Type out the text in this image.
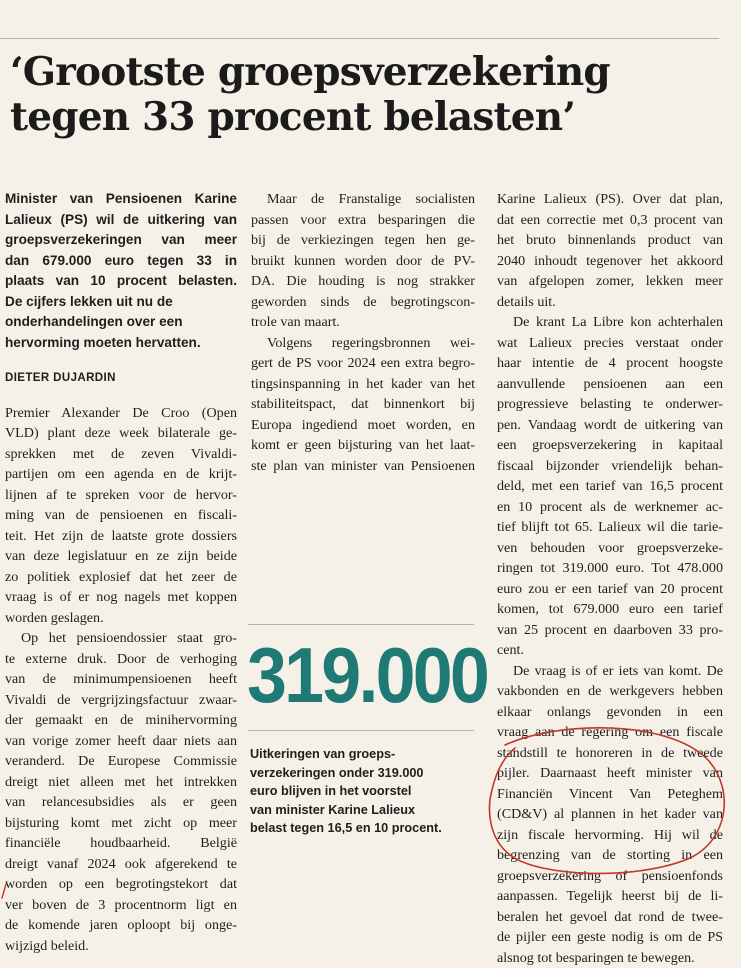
‘Grootste groepsverzekering
tegen 33 procent belasten’
Minister van Pensioenen Karine
Lalieux (PS) wil de uitkering van
groepsverzekeringen van meer
dan 679.000 euro tegen 33 in
plaats van 10 procent belasten.
De cijfers lekken uit nu de
onderhandelingen over een
hervorming moeten hervatten.
DIETER DUJARDIN

Premier Alexander De Croo (Open
VLD) plant deze week bilaterale ge-
sprekken met de zeven Vivaldi-
partijen om een agenda en de krijt-
lijnen af te spreken voor de hervor-
ming van de pensioenen en fiscali-
teit. Het zijn de laatste grote dossiers
van deze legislatuur en ze zijn beide
zo politiek explosief dat het zeer de
vraag is of er nog nagels met koppen
worden geslagen.

Op het pensioendossier staat gro-
te externe druk. Door de verhoging
van de minimumpensioenen heeft
Vivaldi de vergrijzingsfactuur zwaar-
der gemaakt en de minihervorming
van vorige zomer heeft daar niets aan
veranderd. De Europese Commissie
dreigt niet alleen met het intrekken
van relancesubsidies als er geen
bijsturing komt met zicht op meer
financiële houdbaarheid. België
dreigt vanaf 2024 ook afgerekend te
worden op een begrotingstekort dat
ver boven de 3 procentnorm ligt en
de komende jaren oploopt bij onge-
wijzigd beleid.

Maar de Franstalige socialisten
passen voor extra besparingen die
bij de verkiezingen tegen hen ge-
bruikt kunnen worden door de PV-
DA. Die houding is nog strakker
geworden sinds de begrotingscon-
trole van maart.

Volgens regeringsbronnen wei-
gert de PS voor 2024 een extra begro-
tingsinspanning in het kader van het
stabiliteitspact, dat binnenkort bij
Europa ingediend moet worden, en
komt er geen bijsturing van het laat-
ste plan van minister van Pensioenen

319.000
Uitkeringen van groeps-
verzekeringen onder 319.000
euro blijven in het voorstel
van minister Karine Lalieux
belast tegen 16,5 en 10 procent.

Karine Lalieux (PS). Over dat plan,
dat een correctie met 0,3 procent van
het bruto binnenlands product van
2040 inhoudt tegenover het akkoord
van afgelopen zomer, lekken meer
details uit.

De krant La Libre kon achterhalen
wat Lalieux precies verstaat onder
haar intentie de 4 procent hoogste
aanvullende pensioenen aan een
progressieve belasting te onderwer-
pen. Vandaag wordt de uitkering van
een groepsverzekering in kapitaal
fiscaal bijzonder vriendelijk behan-
deld, met een tarief van 16,5 procent
en 10 procent als de werknemer ac-
tief blijft tot 65. Lalieux wil die tarie-
ven behouden voor groepsverzeke-
ringen tot 319.000 euro. Tot 478.000
euro zou er een tarief van 20 procent
komen, tot 679.000 euro een tarief
van 25 procent en daarboven 33 pro-
cent.

De vraag is of er iets van komt. De
vakbonden en de werkgevers hebben
elkaar onlangs gevonden in een
vraag aan de regering om een fiscale
standstill te honoreren in de tweede
pijler. Daarnaast heeft minister van
Financiën Vincent Van Peteghem
(CD&V) al plannen in het kader van
zijn fiscale hervorming. Hij wil de
begrenzing van de storting in een
groepsverzekering of pensioenfonds
aanpassen. Tegelijk heerst bij de li-
beralen het gevoel dat rond de twee-
de pijler een geste nodig is om de PS
alsnog tot besparingen te bewegen.
